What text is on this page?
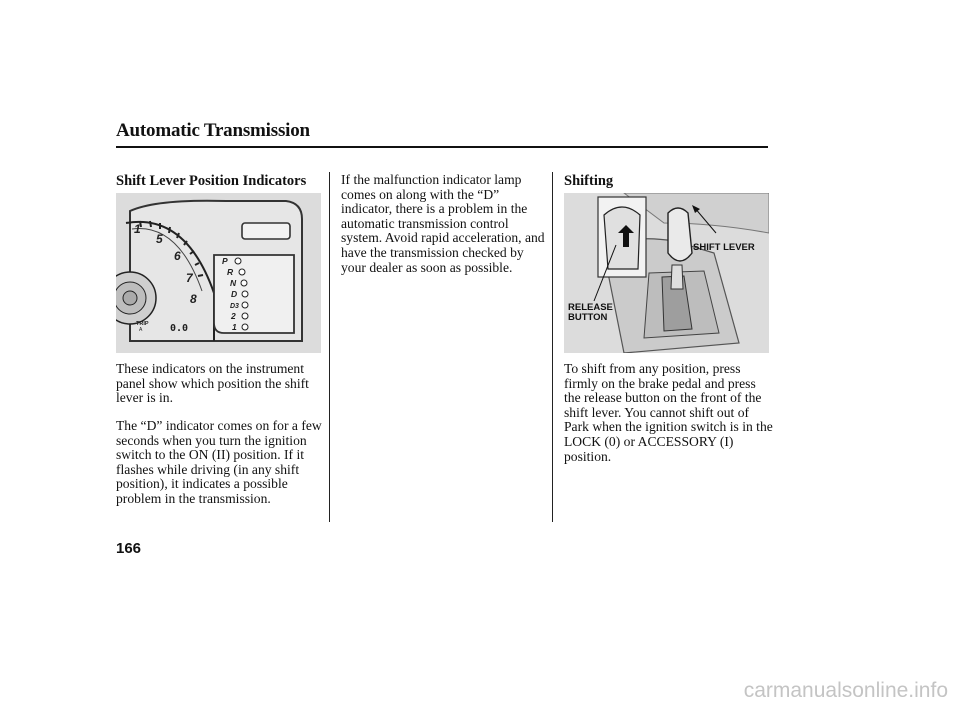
Automatic Transmission
Shift Lever Position Indicators
1
5
6
7
8
P
R
N
D
D3
2
1
TRIP
A	0.0
These indicators on the instrument panel show which position the shift lever is in.
The “D” indicator comes on for a few seconds when you turn the ignition switch to the ON (II) position. If it flashes while driving (in any shift position), it indicates a possible problem in the transmission.
If the malfunction indicator lamp comes on along with the “D” indicator, there is a problem in the automatic transmission control system. Avoid rapid acceleration, and have the transmission checked by your dealer as soon as possible.
Shifting
SHIFT LEVER
RELEASE
BUTTON
To shift from any position, press firmly on the brake pedal and press the release button on the front of the shift lever. You cannot shift out of Park when the ignition switch is in the LOCK (0) or ACCESSORY (I) position.
166
carmanualsonline.info
